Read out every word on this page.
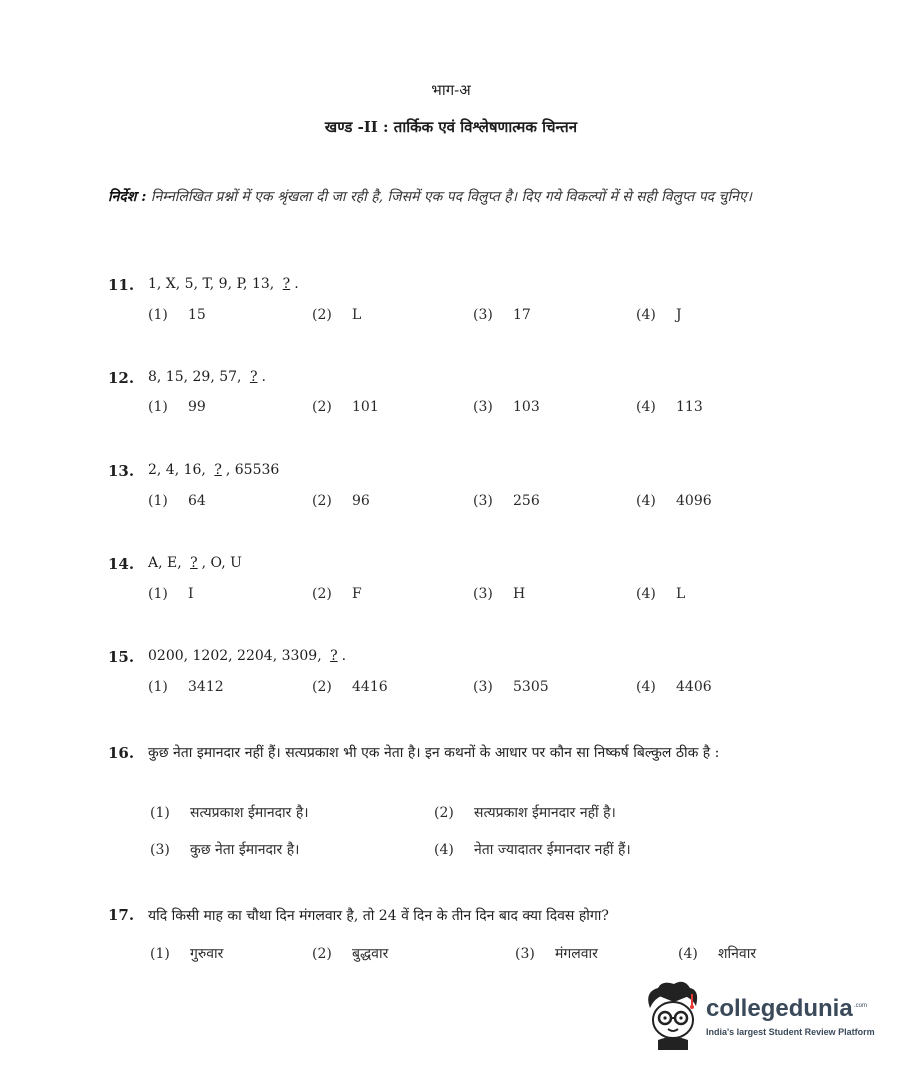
भाग-अ
खण्ड -II : तार्किक एवं विश्लेषणात्मक चिन्तन
निर्देश : निम्नलिखित प्रश्नों में एक श्रृंखला दी जा रही है, जिसमें एक पद विलुप्त है। दिए गये विकल्पों में से सही विलुप्त पद चुनिए।
11. 1, X, 5, T, 9, P, 13, ? .
(1) 15	(2) L	(3) 17	(4) J
12. 8, 15, 29, 57, ? .
(1) 99	(2) 101	(3) 103	(4) 113
13. 2, 4, 16, ? , 65536
(1) 64	(2) 96	(3) 256	(4) 4096
14. A, E, ? , O, U
(1) I	(2) F	(3) H	(4) L
15. 0200, 1202, 2204, 3309, ? .
(1) 3412	(2) 4416	(3) 5305	(4) 4406
16. कुछ नेता इमानदार नहीं हैं। सत्यप्रकाश भी एक नेता है। इन कथनों के आधार पर कौन सा निष्कर्ष बिल्कुल ठीक है :
(1) सत्यप्रकाश ईमानदार है।	(2) सत्यप्रकाश ईमानदार नहीं है।
(3) कुछ नेता ईमानदार है।	(4) नेता ज्यादातर ईमानदार नहीं हैं।
17. यदि किसी माह का चौथा दिन मंगलवार है, तो 24 वें दिन के तीन दिन बाद क्या दिवस होगा?
(1) गुरुवार	(2) बुद्धवार	(3) मंगलवार	(4) शनिवार
collegedunia .com
India's largest Student Review Platform
